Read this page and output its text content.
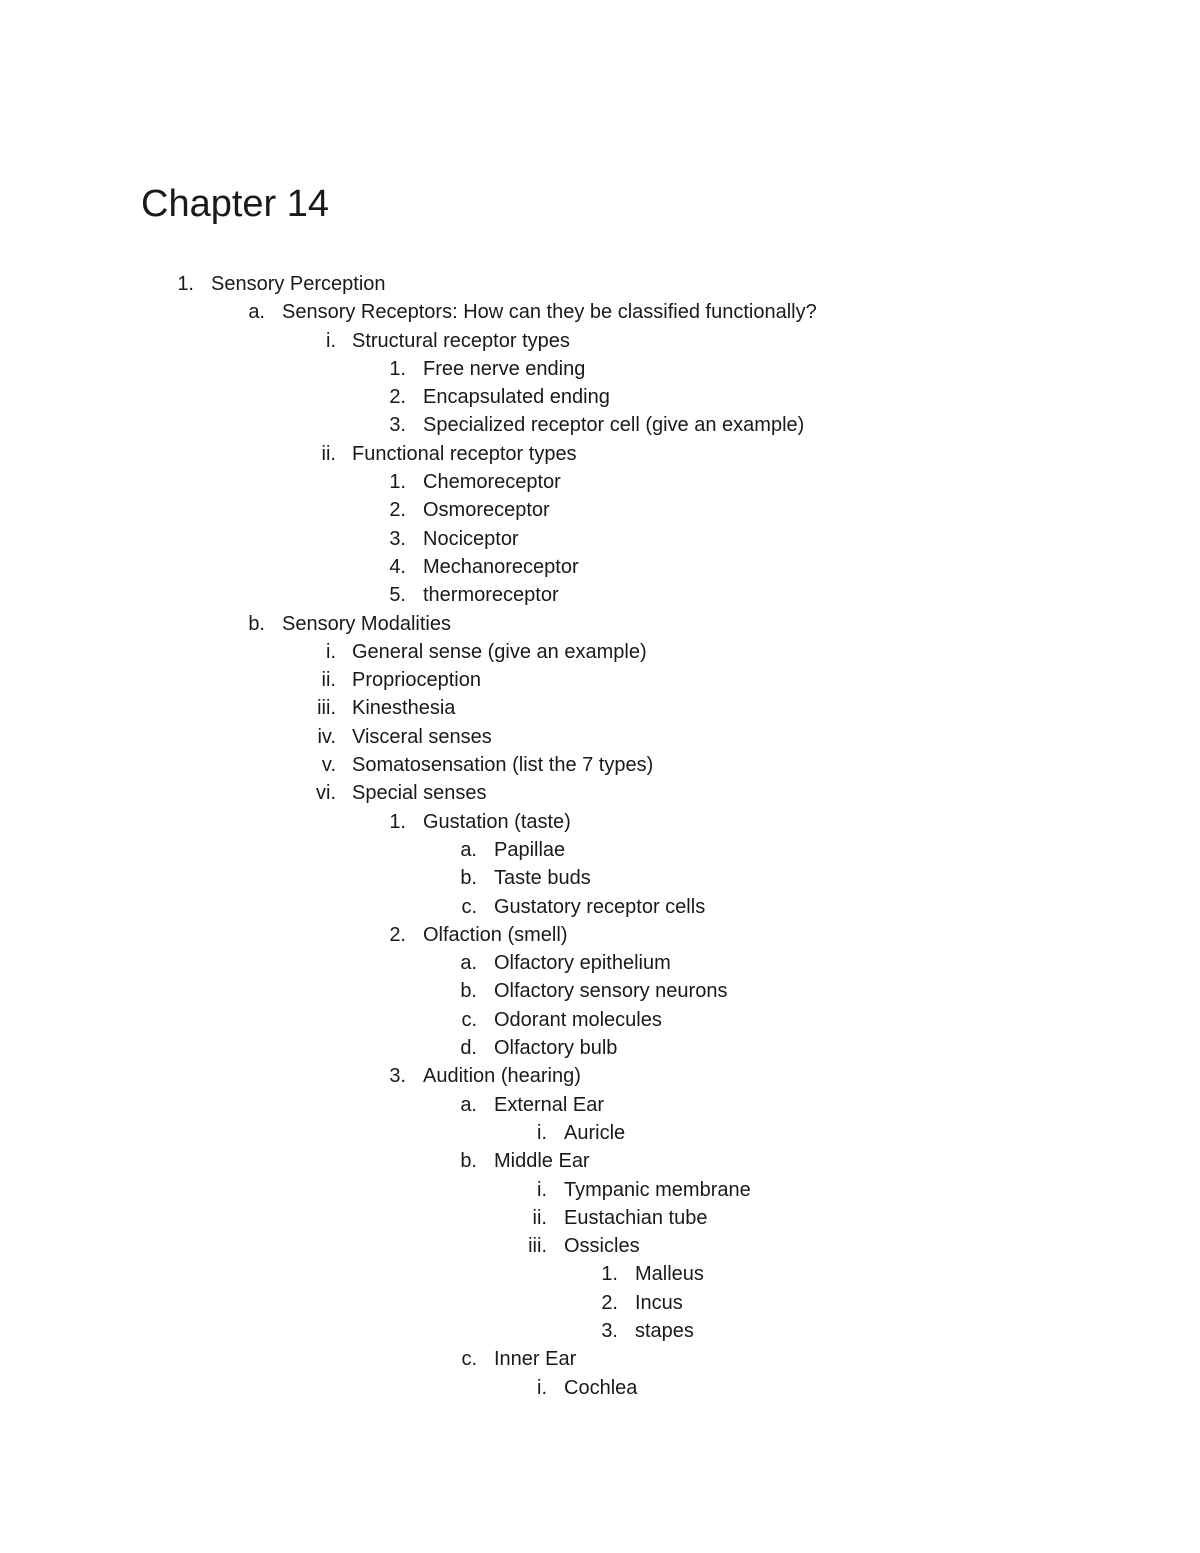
Chapter 14
1. Sensory Perception
a. Sensory Receptors: How can they be classified functionally?
i. Structural receptor types
1. Free nerve ending
2. Encapsulated ending
3. Specialized receptor cell (give an example)
ii. Functional receptor types
1. Chemoreceptor
2. Osmoreceptor
3. Nociceptor
4. Mechanoreceptor
5. thermoreceptor
b. Sensory Modalities
i. General sense (give an example)
ii. Proprioception
iii. Kinesthesia
iv. Visceral senses
v. Somatosensation (list the 7 types)
vi. Special senses
1. Gustation (taste)
a. Papillae
b. Taste buds
c. Gustatory receptor cells
2. Olfaction (smell)
a. Olfactory epithelium
b. Olfactory sensory neurons
c. Odorant molecules
d. Olfactory bulb
3. Audition (hearing)
a. External Ear
i. Auricle
b. Middle Ear
i. Tympanic membrane
ii. Eustachian tube
iii. Ossicles
1. Malleus
2. Incus
3. stapes
c. Inner Ear
i. Cochlea
